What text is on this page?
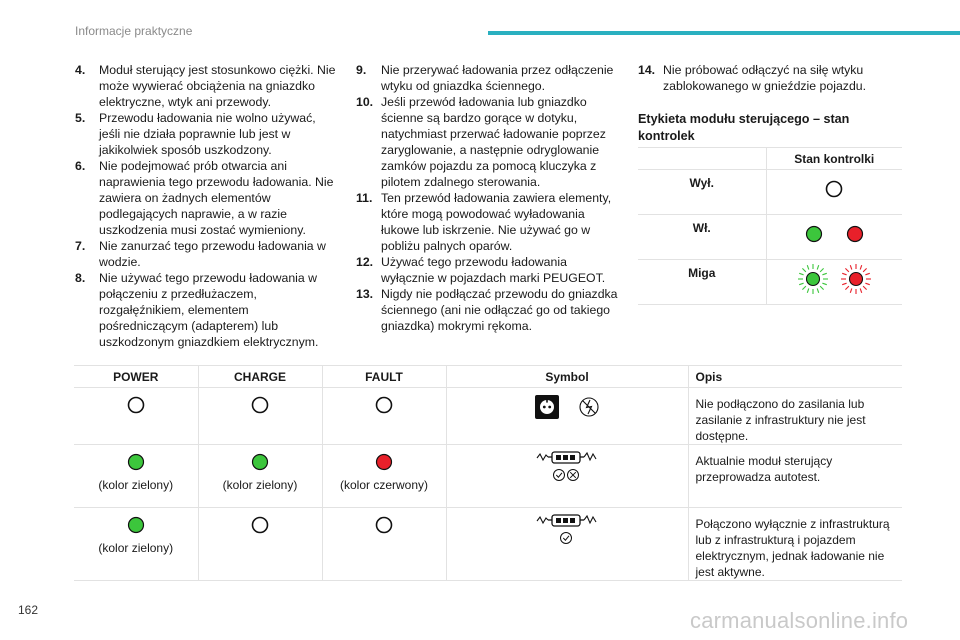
Informacje praktyczne
4.	Moduł sterujący jest stosunkowo ciężki. Nie może wywierać obciążenia na gniazdko elektryczne, wtyk ani przewody.
5.	Przewodu ładowania nie wolno używać, jeśli nie działa poprawnie lub jest w jakikolwiek sposób uszkodzony.
6.	Nie podejmować prób otwarcia ani naprawienia tego przewodu ładowania. Nie zawiera on żadnych elementów podlegających naprawie, a w razie uszkodzenia musi zostać wymieniony.
7.	Nie zanurzać tego przewodu ładowania w wodzie.
8.	Nie używać tego przewodu ładowania w połączeniu z przedłużaczem, rozgałęźnikiem, elementem pośredniczącym (adapterem) lub uszkodzonym gniazdkiem elektrycznym.
9.	Nie przerywać ładowania przez odłączenie wtyku od gniazdka ściennego.
10. Jeśli przewód ładowania lub gniazdko ścienne są bardzo gorące w dotyku, natychmiast przerwać ładowanie poprzez zaryglowanie, a następnie odryglowanie zamków pojazdu za pomocą kluczyka z pilotem zdalnego sterowania.
11. Ten przewód ładowania zawiera elementy, które mogą powodować wyładowania łukowe lub iskrzenie. Nie używać go w pobliżu palnych oparów.
12. Używać tego przewodu ładowania wyłącznie w pojazdach marki PEUGEOT.
13. Nigdy nie podłączać przewodu do gniazdka ściennego (ani nie odłączać go od takiego gniazdka) mokrymi rękoma.
14. Nie próbować odłączyć na siłę wtyku zablokowanego w gnieździe pojazdu.
Etykieta modułu sterującego – stan kontrolek
	Stan kontrolki
Wył.	
Wł.	
Miga	
POWER	CHARGE	FAULT	Symbol	Opis
				Nie podłączono do zasilania lub zasilanie z infrastruktury nie jest dostępne.

(kolor zielony)	(kolor zielony)	(kolor czerwony)		Aktualnie moduł sterujący przeprowadza autotest.

(kolor zielony)				Połączono wyłącznie z infrastrukturą lub z infrastrukturą i pojazdem elektrycznym, jednak ładowanie nie jest aktywne.
162	carmanualsonline.info
